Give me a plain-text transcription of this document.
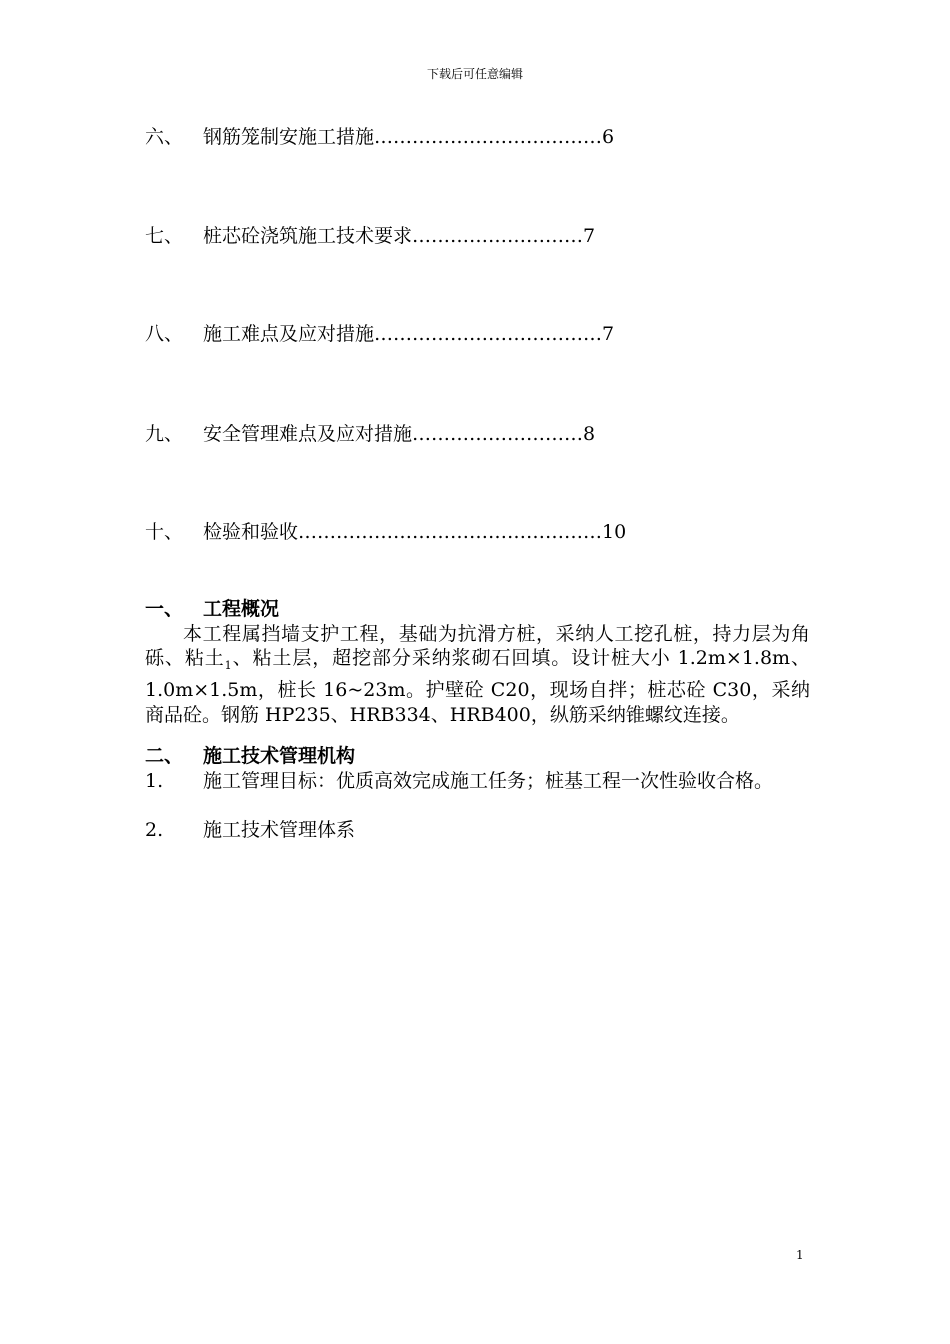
下载后可任意编辑
六、 钢筋笼制安施工措施………………………………6
七、 桩芯砼浇筑施工技术要求………………………7
八、 施工难点及应对措施………………………………7
九、 安全管理难点及应对措施………………………8
十、 检验和验收…………………………………………10
一、 工程概况
本工程属挡墙支护工程，基础为抗滑方桩，采纳人工挖孔桩，持力层为角砾、粘土$_1$、粘土层，超挖部分采纳浆砌石回填。设计桩大小 1.2m×1.8m、1.0m×1.5m，桩长 16~23m。护壁砼 C20，现场自拌；桩芯砼 C30，采纳商品砼。钢筋 HP235、HRB334、HRB400，纵筋采纳锥螺纹连接。
二、 施工技术管理机构
1. 施工管理目标：优质高效完成施工任务；桩基工程一次性验收合格。
2. 施工技术管理体系
1
